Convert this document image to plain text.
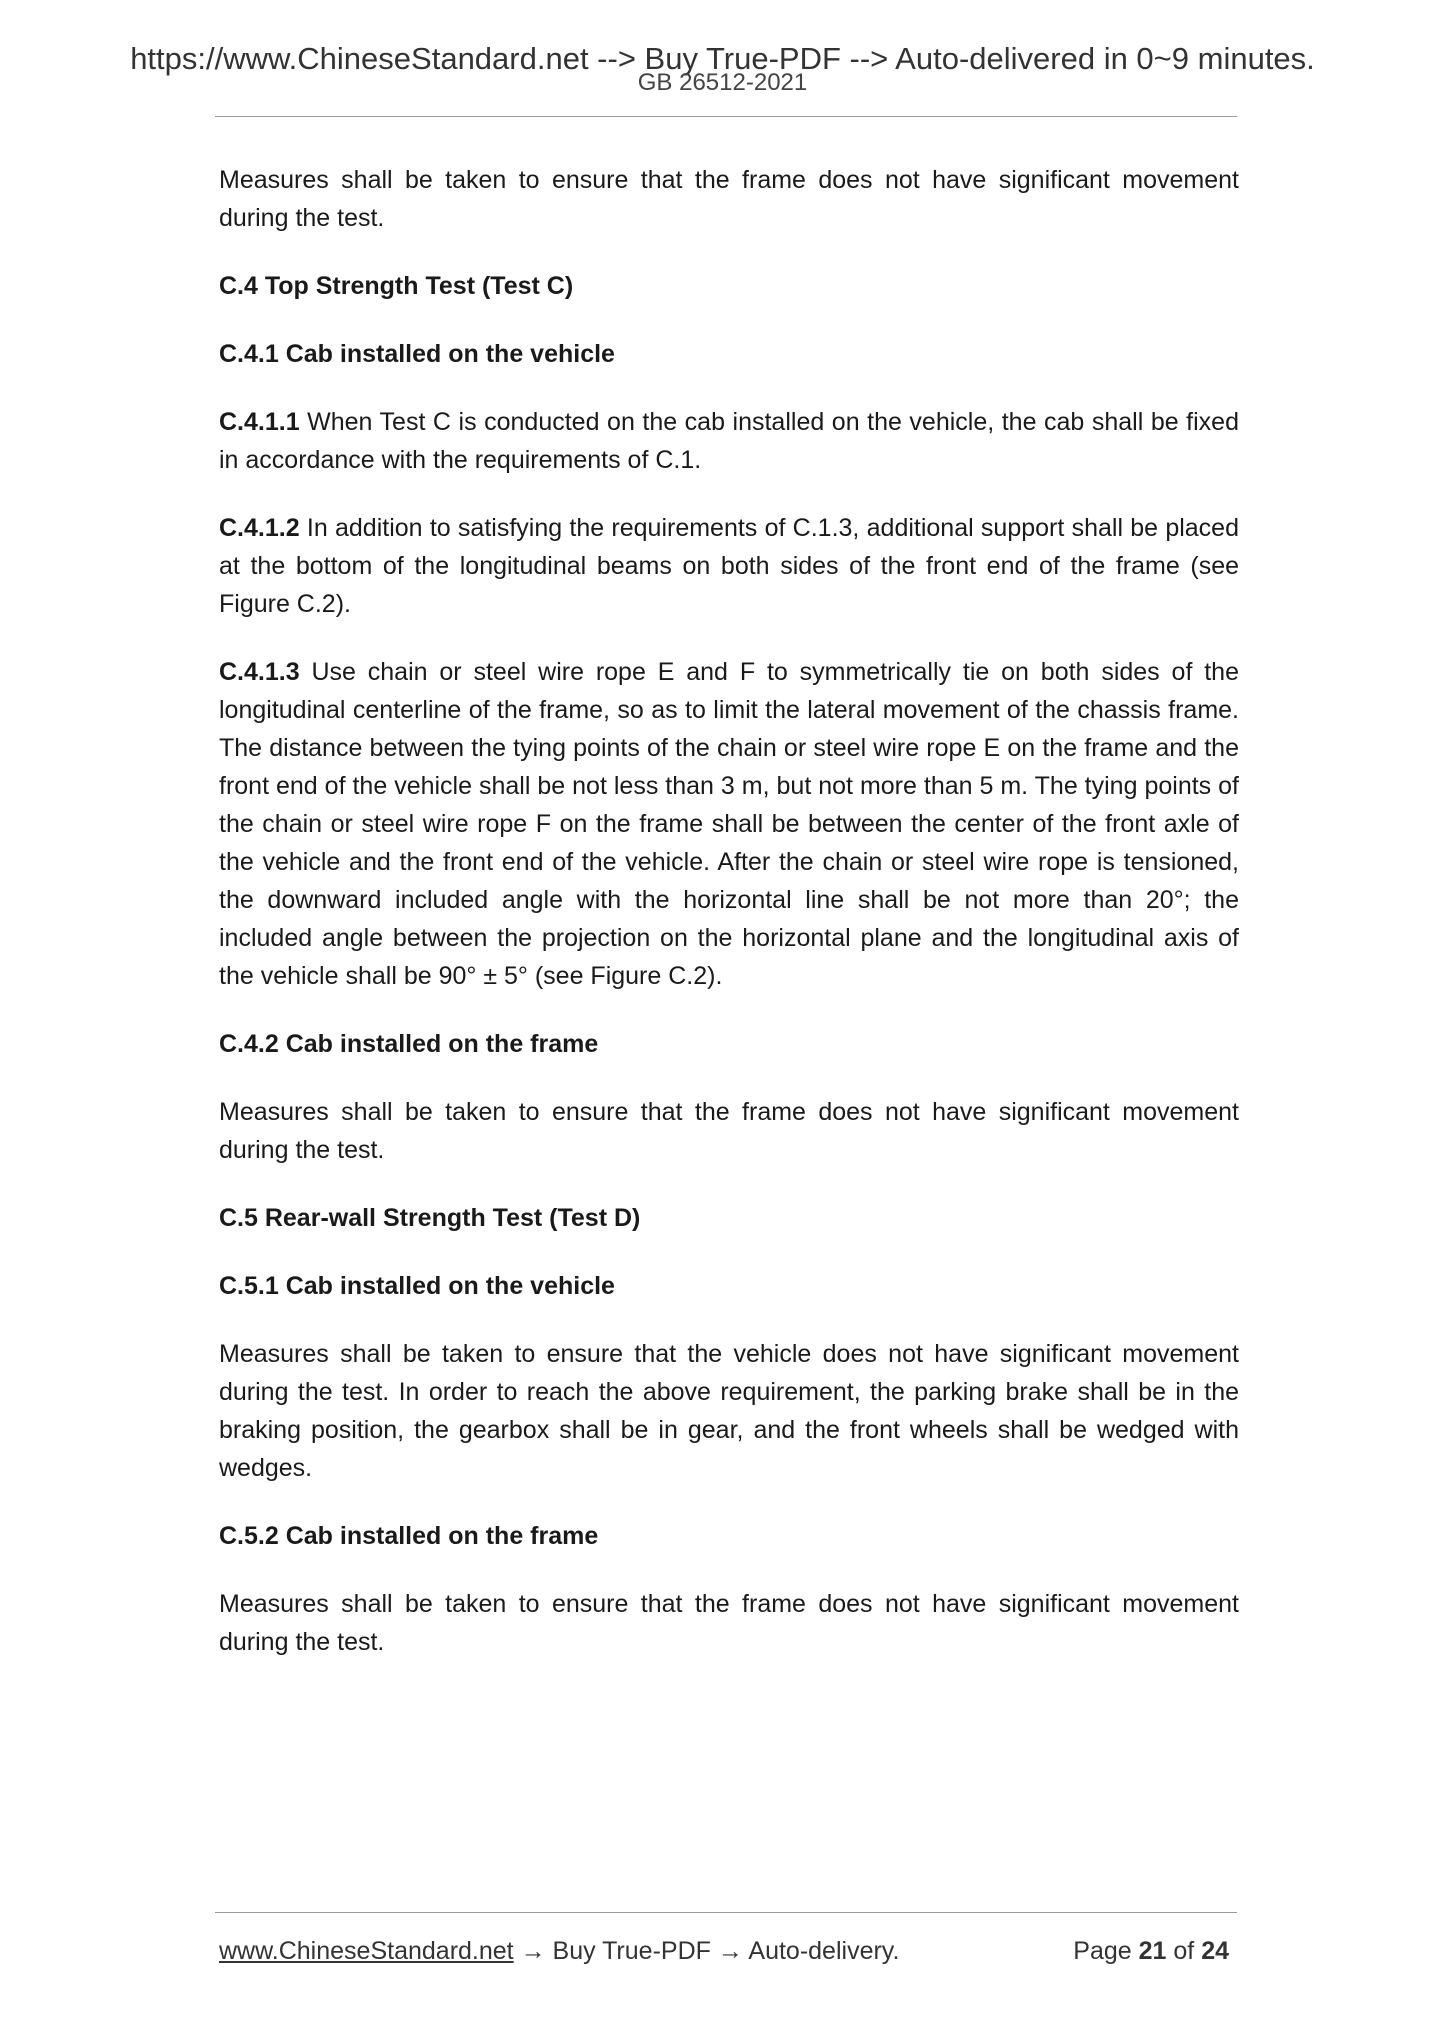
https://www.ChineseStandard.net --> Buy True-PDF --> Auto-delivered in 0~9 minutes.
GB 26512-2021

Measures shall be taken to ensure that the frame does not have significant movement during the test.

C.4 Top Strength Test (Test C)
C.4.1 Cab installed on the vehicle

C.4.1.1 When Test C is conducted on the cab installed on the vehicle, the cab shall be fixed in accordance with the requirements of C.1.

C.4.1.2 In addition to satisfying the requirements of C.1.3, additional support shall be placed at the bottom of the longitudinal beams on both sides of the front end of the frame (see Figure C.2).

C.4.1.3 Use chain or steel wire rope E and F to symmetrically tie on both sides of the longitudinal centerline of the frame, so as to limit the lateral movement of the chassis frame. The distance between the tying points of the chain or steel wire rope E on the frame and the front end of the vehicle shall be not less than 3 m, but not more than 5 m. The tying points of the chain or steel wire rope F on the frame shall be between the center of the front axle of the vehicle and the front end of the vehicle. After the chain or steel wire rope is tensioned, the downward included angle with the horizontal line shall be not more than 20°; the included angle between the projection on the horizontal plane and the longitudinal axis of the vehicle shall be 90° ± 5° (see Figure C.2).

C.4.2 Cab installed on the frame

Measures shall be taken to ensure that the frame does not have significant movement during the test.

C.5 Rear-wall Strength Test (Test D)
C.5.1 Cab installed on the vehicle

Measures shall be taken to ensure that the vehicle does not have significant movement during the test. In order to reach the above requirement, the parking brake shall be in the braking position, the gearbox shall be in gear, and the front wheels shall be wedged with wedges.

C.5.2 Cab installed on the frame

Measures shall be taken to ensure that the frame does not have significant movement during the test.

www.ChineseStandard.net → Buy True-PDF → Auto-delivery.	Page 21 of 24
